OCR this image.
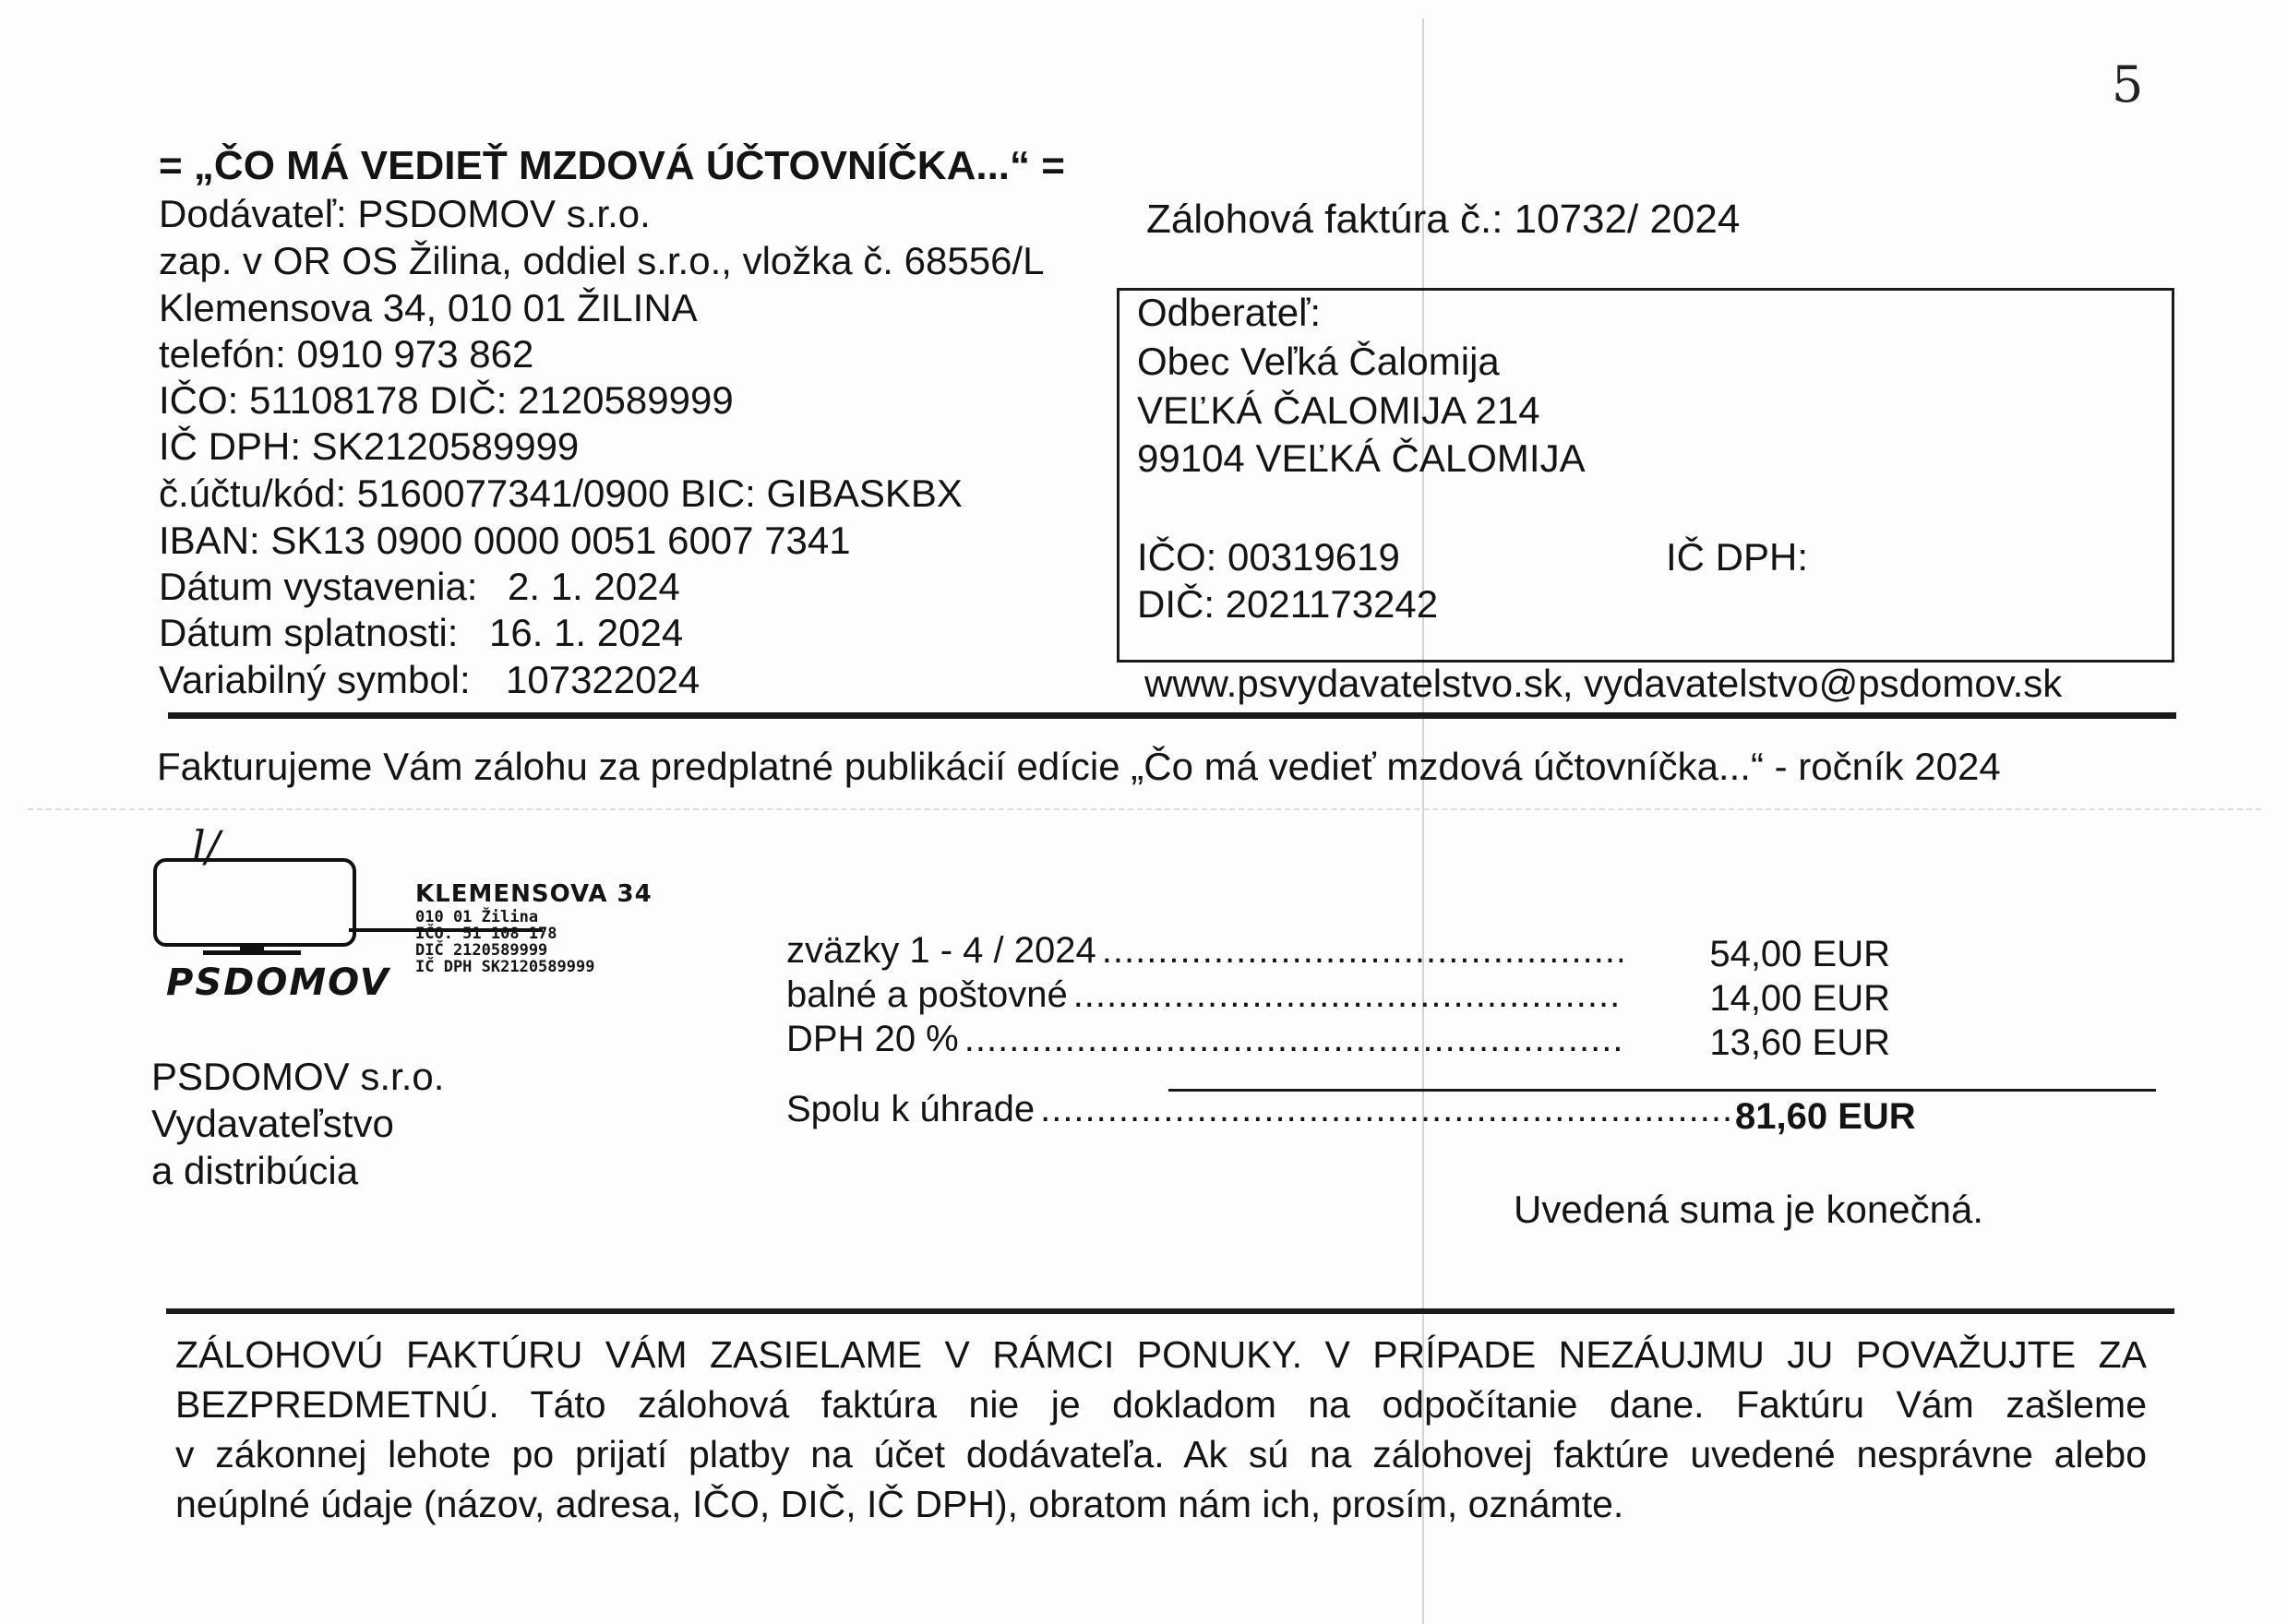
5
= „ČO MÁ VEDIEŤ MZDOVÁ ÚČTOVNÍČKA...“ =
Dodávateľ: PSDOMOV s.r.o.
zap. v OR OS Žilina, oddiel s.r.o., vložka č. 68556/L
Klemensova 34, 010 01 ŽILINA
telefón: 0910 973 862
IČO: 51108178 DIČ: 2120589999
IČ DPH: SK2120589999
č.účtu/kód: 5160077341/0900 BIC: GIBASKBX
IBAN: SK13 0900 0000 0051 6007 7341
Dátum vystavenia: 2. 1. 2024
Dátum splatnosti: 16. 1. 2024
Variabilný symbol: 107322024
Zálohová faktúra č.: 10732/ 2024
Odberateľ:
Obec Veľká Čalomija
VEĽKÁ ČALOMIJA 214
99104 VEĽKÁ ČALOMIJA
IČO: 00319619	IČ DPH:
DIČ: 2021173242
www.psvydavatelstvo.sk, vydavatelstvo@psdomov.sk
Fakturujeme Vám zálohu za predplatné publikácií edície „Čo má vedieť mzdová účtovníčka...“ - ročník 2024
l/
PSDOMOV
KLEMENSOVA 34
010 01 Žilina
IČO. 51 108 178
DIČ 2120589999
IČ DPH SK2120589999
PSDOMOV s.r.o.
Vydavateľstvo
a distribúcia
zväzky 1 - 4 / 2024 .....	54,00 EUR
balné a poštovné .....	14,00 EUR
DPH 20 % .....	13,60 EUR
Spolu k úhrade .....	81,60 EUR
Uvedená suma je konečná.
ZÁLOHOVÚ FAKTÚRU VÁM ZASIELAME V RÁMCI PONUKY. V PRÍPADE NEZÁUJMU JU POVAŽUJTE ZA
BEZPREDMETNÚ. Táto zálohová faktúra nie je dokladom na odpočítanie dane. Faktúru Vám zašleme
v zákonnej lehote po prijatí platby na účet dodávateľa. Ak sú na zálohovej faktúre uvedené nesprávne alebo
neúplné údaje (názov, adresa, IČO, DIČ, IČ DPH), obratom nám ich, prosím, oznámte.
